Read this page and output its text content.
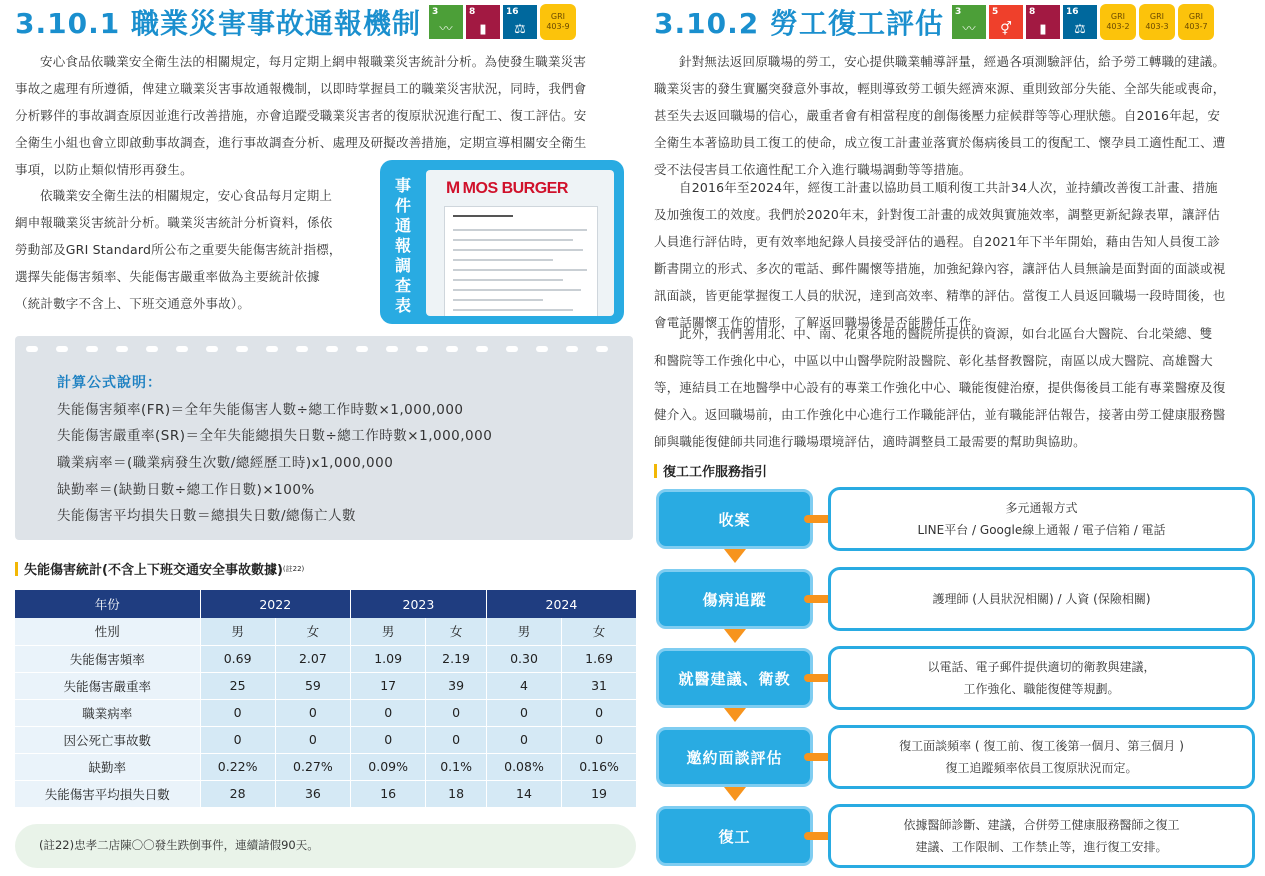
3.10.1 職業災害事故通報機制 3
〰
8
▮
16
⚖
GRI
403-9
安心食品依職業安全衛生法的相關規定，每月定期上網申報職業災害統計分析。為使發生職業災害
事故之處理有所遵循，俾建立職業災害事故通報機制，以即時掌握員工的職業災害狀況，同時，我們會
分析夥伴的事故調查原因並進行改善措施，亦會追蹤受職業災害者的復原狀況進行配工、復工評估。安
全衛生小組也會立即啟動事故調查，進行事故調查分析、處理及研擬改善措施，定期宣導相關安全衛生
事項，以防止類似情形再發生。
依職業安全衛生法的相關規定，安心食品每月定期上
網申報職業災害統計分析。職業災害統計分析資料，係依
勞動部及GRI Standard所公布之重要失能傷害統計指標，
選擇失能傷害頻率、失能傷害嚴重率做為主要統計依據
（統計數字不含上、下班交通意外事故）。
事
件
通
報
調
查
表
M MOS BURGER
計算公式說明：
失能傷害頻率(FR)＝全年失能傷害人數÷總工作時數×1,000,000
失能傷害嚴重率(SR)＝全年失能總損失日數÷總工作時數×1,000,000
職業病率＝(職業病發生次數/總經歷工時)x1,000,000
缺勤率＝(缺勤日數÷總工作日數)×100%
失能傷害平均損失日數＝總損失日數/總傷亡人數
失能傷害統計(不含上下班交通安全事故數據) (註22)
年份	2022		2023		2024	
性別	男	女	男	女	男	女
失能傷害頻率	0.69	2.07	1.09	2.19	0.30	1.69
失能傷害嚴重率	25	59	17	39	4	31
職業病率	0	0	0	0	0	0
因公死亡事故數	0	0	0	0	0	0
缺勤率	0.22%	0.27%	0.09%	0.1%	0.08%	0.16%
失能傷害平均損失日數	28	36	16	18	14	19
(註22)忠孝二店陳〇〇發生跌倒事件，連續請假90天。
3.10.2 勞工復工評估 3
〰
5
⚥
8
▮
16
⚖
GRI
403-2
GRI
403-3
GRI
403-7
針對無法返回原職場的勞工，安心提供職業輔導評量，經過各項測驗評估，給予勞工轉職的建議。
職業災害的發生實屬突發意外事故，輕則導致勞工頓失經濟來源、重則致部分失能、全部失能或喪命，
甚至失去返回職場的信心，嚴重者會有相當程度的創傷後壓力症候群等等心理狀態。自2016年起，安
全衛生本著協助員工復工的使命，成立復工計畫並落實於傷病後員工的復配工、懷孕員工適性配工、遭
受不法侵害員工依適性配工介入進行職場調動等等措施。
自2016年至2024年，經復工計畫以協助員工順利復工共計34人次，並持續改善復工計畫、措施
及加強復工的效度。我們於2020年末，針對復工計畫的成效與實施效率，調整更新紀錄表單，讓評估
人員進行評估時，更有效率地紀錄人員接受評估的過程。自2021年下半年開始，藉由告知人員復工診
斷書開立的形式、多次的電話、郵件關懷等措施，加強紀錄內容，讓評估人員無論是面對面的面談或視
訊面談，皆更能掌握復工人員的狀況，達到高效率、精準的評估。當復工人員返回職場一段時間後，也
會電話關懷工作的情形，了解返回職場後是否能勝任工作。
此外，我們善用北、中、南、花東各地的醫院所提供的資源，如台北區台大醫院、台北榮總、雙
和醫院等工作強化中心，中區以中山醫學院附設醫院、彰化基督教醫院，南區以成大醫院、高雄醫大
等，連結員工在地醫學中心設有的專業工作強化中心、職能復健治療，提供傷後員工能有專業醫療及復
健介入。返回職場前，由工作強化中心進行工作職能評估，並有職能評估報告，接著由勞工健康服務醫
師與職能復健師共同進行職場環境評估，適時調整員工最需要的幫助與協助。
復工工作服務指引
收案
多元通報方式
LINE平台 / Google線上通報 / 電子信箱 / 電話
傷病追蹤	護理師 (人員狀況相關) / 人資 (保險相關)
就醫建議、衛教
以電話、電子郵件提供適切的衛教與建議，
工作強化、職能復健等規劃。
邀約面談評估
復工面談頻率 ( 復工前、復工後第一個月、第三個月 )
復工追蹤頻率依員工復原狀況而定。
復工
依據醫師診斷、建議，合併勞工健康服務醫師之復工
建議、工作限制、工作禁止等，進行復工安排。
